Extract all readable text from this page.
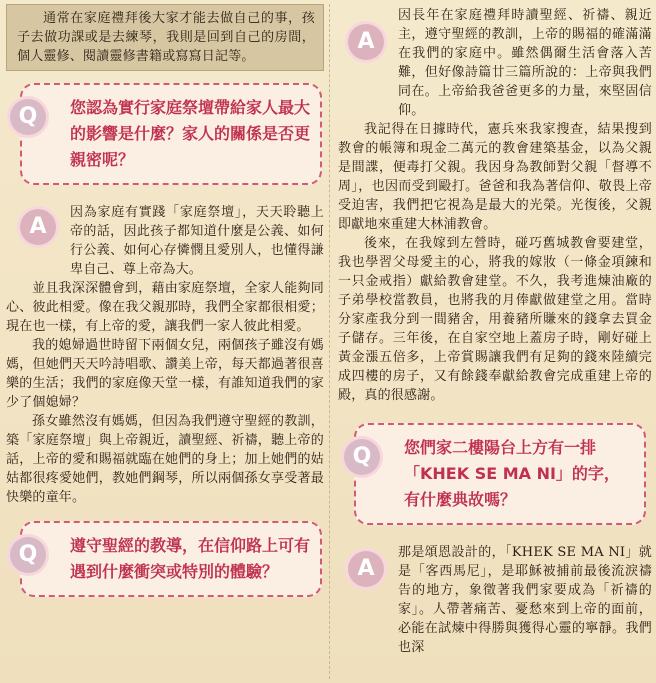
通常在家庭禮拜後大家才能去做自己的事，孩子去做功課或是去練琴，我則是回到自己的房間，個人靈修、閱讀靈修書籍或寫寫日記等。

Q	您認為實行家庭祭壇帶給家人最大的影響是什麼？家人的關係是否更親密呢？
A

因為家庭有實踐「家庭祭壇」，天天聆聽上帝的話，因此孩子都知道什麼是公義、如何行公義、如何心存憐憫且愛別人，也懂得謙卑自己、尊上帝為大。

並且我深深體會到，藉由家庭祭壇，全家人能夠同心、彼此相愛。像在我父親那時，我們全家都很相愛；現在也一樣，有上帝的愛，讓我們一家人彼此相愛。

我的媳婦過世時留下兩個女兒，兩個孩子雖沒有媽媽，但她們天天吟詩唱歌、讚美上帝，每天都過著很喜樂的生活；我們的家庭像天堂一樣，有誰知道我們的家少了個媳婦？

孫女雖然沒有媽媽，但因為我們遵守聖經的教訓，築「家庭祭壇」與上帝親近，讀聖經、祈禱，聽上帝的話，上帝的愛和賜福就臨在她們的身上；加上她們的姑姑都很疼愛她們，教她們鋼琴，所以兩個孫女享受著最快樂的童年。

Q	遵守聖經的教導，在信仰路上可有遇到什麼衝突或特別的體驗？
A

因長年在家庭禮拜時讀聖經、祈禱、親近主，遵守聖經的教訓，上帝的賜福的確滿滿在我們的家庭中。雖然偶爾生活會落入苦難，但好像詩篇廿三篇所說的：上帝與我們同在。上帝給我爸爸更多的力量，來堅固信仰。

我記得在日據時代，憲兵來我家搜查，結果搜到教會的帳簿和現金二萬元的教會建築基金，以為父親是間諜，便毒打父親。我因身為教師對父親「督導不周」，也因而受到毆打。爸爸和我為著信仰、敬畏上帝受迫害，我們把它視為是最大的光榮。光復後，父親即獻地來重建大林浦教會。

後來，在我嫁到左營時，碰巧舊城教會要建堂，我也學習父母愛主的心，將我的嫁妝（一條金項鍊和一只金戒指）獻給教會建堂。不久，我考進煉油廠的子弟學校當教員，也將我的月俸獻做建堂之用。當時分家產我分到一間豬舍，用養豬所賺來的錢拿去買金子儲存。三年後，在自家空地上蓋房子時，剛好碰上黃金漲五倍多，上帝賞賜讓我們有足夠的錢來陸續完成四樓的房子，又有餘錢奉獻給教會完成重建上帝的殿，真的很感謝。

Q	您們家二樓陽台上方有一排「KHEK SE MA NI」的字，有什麼典故嗎？
A

那是頌恩設計的，「KHEK SE MA NI」就是「客西馬尼」，是耶穌被捕前最後流淚禱告的地方，象徵著我們家要成為「祈禱的家」。人帶著痛苦、憂愁來到上帝的面前，必能在試煉中得勝與獲得心靈的寧靜。我們也深
